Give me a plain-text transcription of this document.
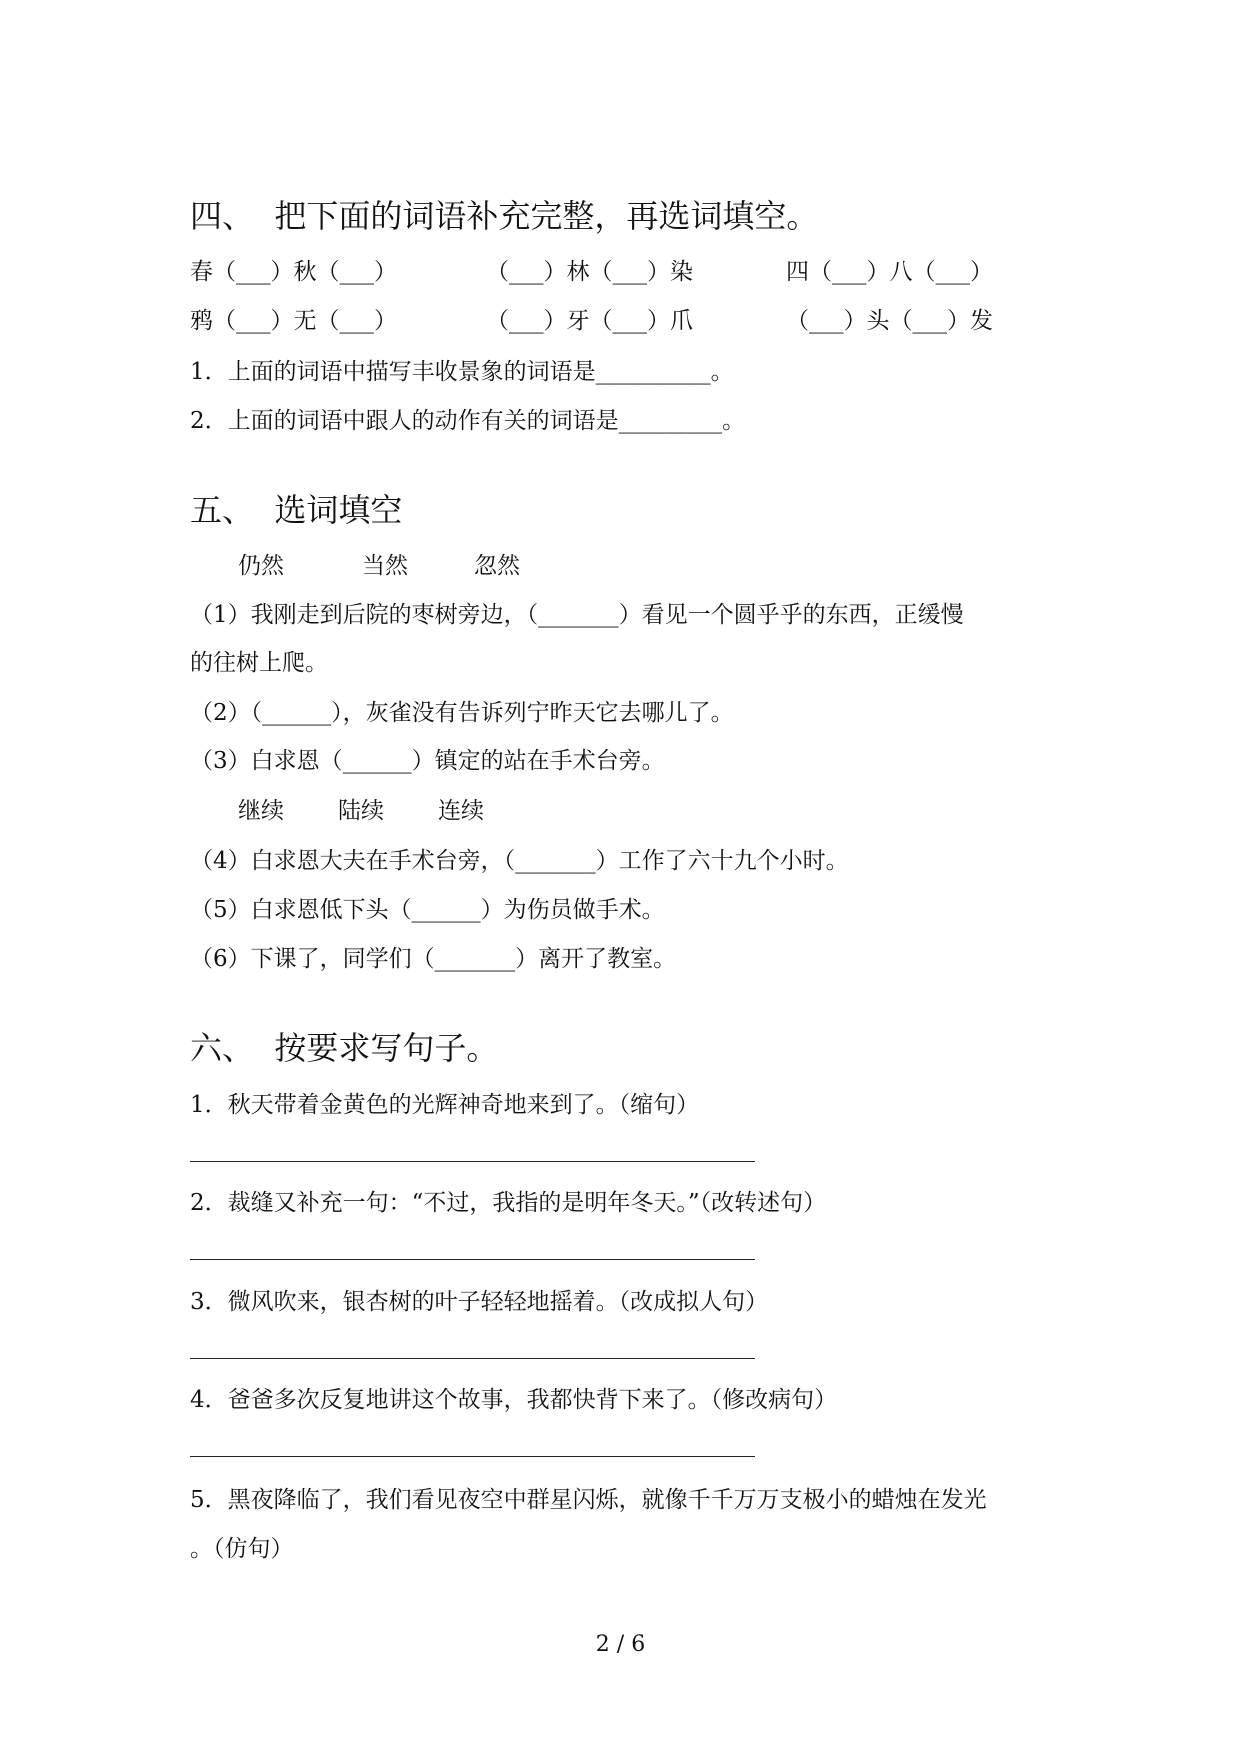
四、  把下面的词语补充完整，再选词填空。
春（___）秋（___）	（___）林（___）染	四（___）八（___）
鸦（___）无（___）	（___）牙（___）爪	（___）头（___）发
1．上面的词语中描写丰收景象的词语是__________。
2．上面的词语中跟人的动作有关的词语是_________。
五、  选词填空
仍然	当然	忽然
（1）我刚走到后院的枣树旁边，（_______）看见一个圆乎乎的东西，正缓慢
的往树上爬。
（2）（______），灰雀没有告诉列宁昨天它去哪儿了。
（3）白求恩（______）镇定的站在手术台旁。
继续 陆续 连续
（4）白求恩大夫在手术台旁，（_______）工作了六十九个小时。
（5）白求恩低下头（______）为伤员做手术。
（6）下课了，同学们（_______）离开了教室。
六、  按要求写句子。
1．秋天带着金黄色的光辉神奇地来到了。（缩句）
2．裁缝又补充一句：“不过，我指的是明年冬天。”（改转述句）
3．微风吹来，银杏树的叶子轻轻地摇着。（改成拟人句）
4．爸爸多次反复地讲这个故事，我都快背下来了。（修改病句）
5．黑夜降临了，我们看见夜空中群星闪烁，就像千千万万支极小的蜡烛在发光
。（仿句）
2 / 6
